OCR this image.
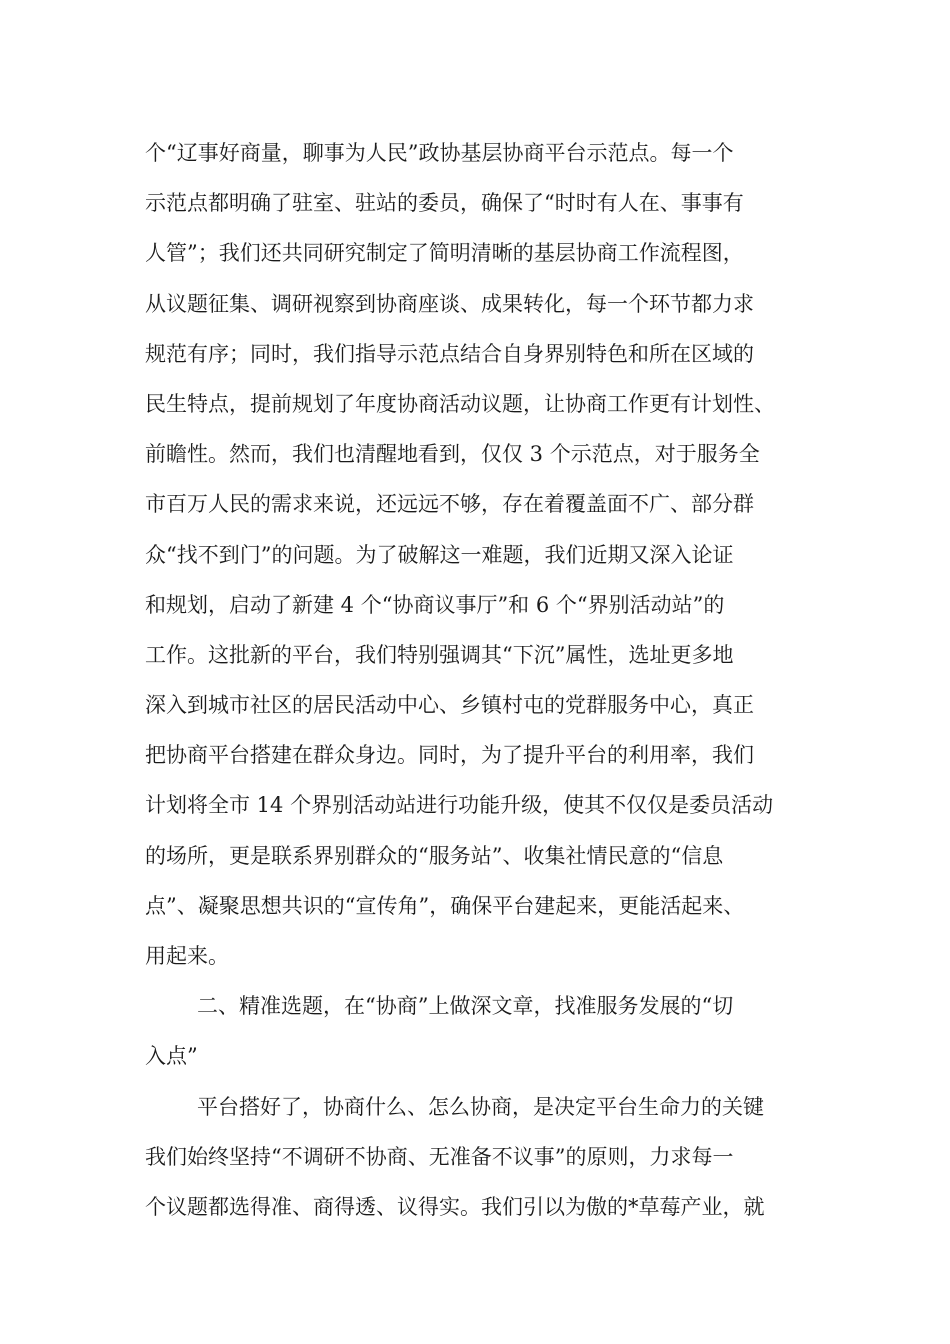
个“辽事好商量，聊事为人民”政协基层协商平台示范点。每一个
示范点都明确了驻室、驻站的委员，确保了“时时有人在、事事有
人管”；我们还共同研究制定了简明清晰的基层协商工作流程图，
从议题征集、调研视察到协商座谈、成果转化，每一个环节都力求
规范有序；同时，我们指导示范点结合自身界别特色和所在区域的
民生特点，提前规划了年度协商活动议题，让协商工作更有计划性、
前瞻性。然而，我们也清醒地看到，仅仅 3 个示范点，对于服务全
市百万人民的需求来说，还远远不够，存在着覆盖面不广、部分群
众“找不到门”的问题。为了破解这一难题，我们近期又深入论证
和规划，启动了新建 4 个“协商议事厅”和 6 个“界别活动站”的
工作。这批新的平台，我们特别强调其“下沉”属性，选址更多地
深入到城市社区的居民活动中心、乡镇村屯的党群服务中心，真正
把协商平台搭建在群众身边。同时，为了提升平台的利用率，我们
计划将全市 14 个界别活动站进行功能升级，使其不仅仅是委员活动
的场所，更是联系界别群众的“服务站”、收集社情民意的“信息
点”、凝聚思想共识的“宣传角”，确保平台建起来，更能活起来、
用起来。
二、精准选题，在“协商”上做深文章，找准服务发展的“切
入点”
平台搭好了，协商什么、怎么协商，是决定平台生命力的关键
我们始终坚持“不调研不协商、无准备不议事”的原则，力求每一
个议题都选得准、商得透、议得实。我们引以为傲的*草莓产业，就
